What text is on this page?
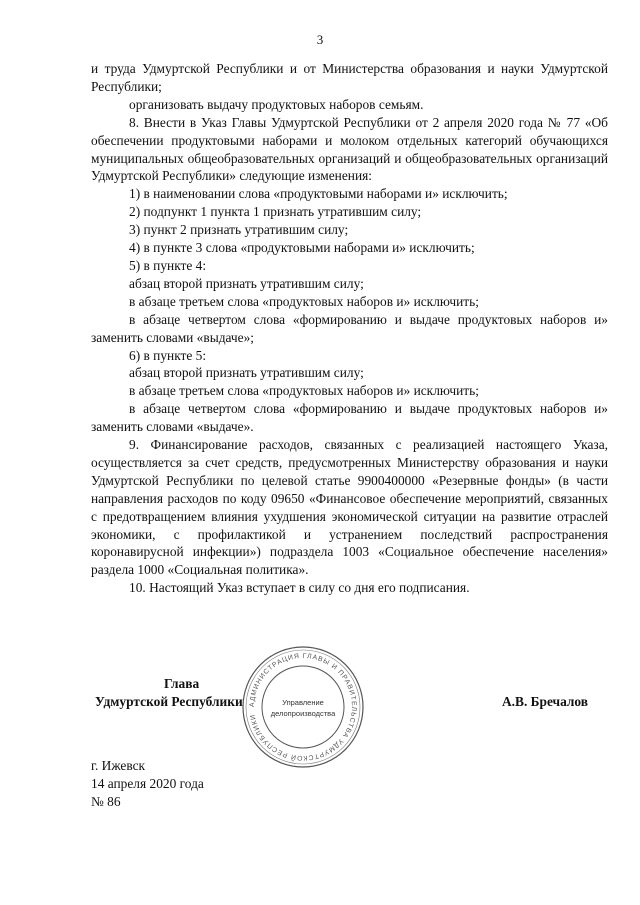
3

и труда Удмуртской Республики и от Министерства образования и науки Удмуртской Республики;

организовать выдачу продуктовых наборов семьям.

8. Внести в Указ Главы Удмуртской Республики от 2 апреля 2020 года № 77 «Об обеспечении продуктовыми наборами и молоком отдельных категорий обучающихся муниципальных общеобразовательных организаций и общеобразовательных организаций Удмуртской Республики» следующие изменения:

1) в наименовании слова «продуктовыми наборами и» исключить;

2) подпункт 1 пункта 1 признать утратившим силу;

3) пункт 2 признать утратившим силу;

4) в пункте 3 слова «продуктовыми наборами и» исключить;

5) в пункте 4:

абзац второй признать утратившим силу;

в абзаце третьем слова «продуктовых наборов и» исключить;

в абзаце четвертом слова «формированию и выдаче продуктовых наборов и» заменить словами «выдаче»;

6) в пункте 5:

абзац второй признать утратившим силу;

в абзаце третьем слова «продуктовых наборов и» исключить;

в абзаце четвертом слова «формированию и выдаче продуктовых наборов и» заменить словами «выдаче».

9. Финансирование расходов, связанных с реализацией настоящего Указа, осуществляется за счет средств, предусмотренных Министерству образования и науки Удмуртской Республики по целевой статье 9900400000 «Резервные фонды» (в части направления расходов по коду 09650 «Финансовое обеспечение мероприятий, связанных с предотвращением влияния ухудшения экономической ситуации на развитие отраслей экономики, с профилактикой и устранением последствий распространения коронавирусной инфекции») подраздела 1003 «Социальное обеспечение населения» раздела 1000 «Социальная политика».

10. Настоящий Указ вступает в силу со дня его подписания.

Глава
Удмуртской Республики	А.В. Бречалов
АДМИНИСТРАЦИЯ ГЛАВЫ И ПРАВИТЕЛЬСТВА УДМУРТСКОЙ РЕСПУБЛИКИ
Управление
делопроизводства
г. Ижевск
14 апреля 2020 года
№ 86
